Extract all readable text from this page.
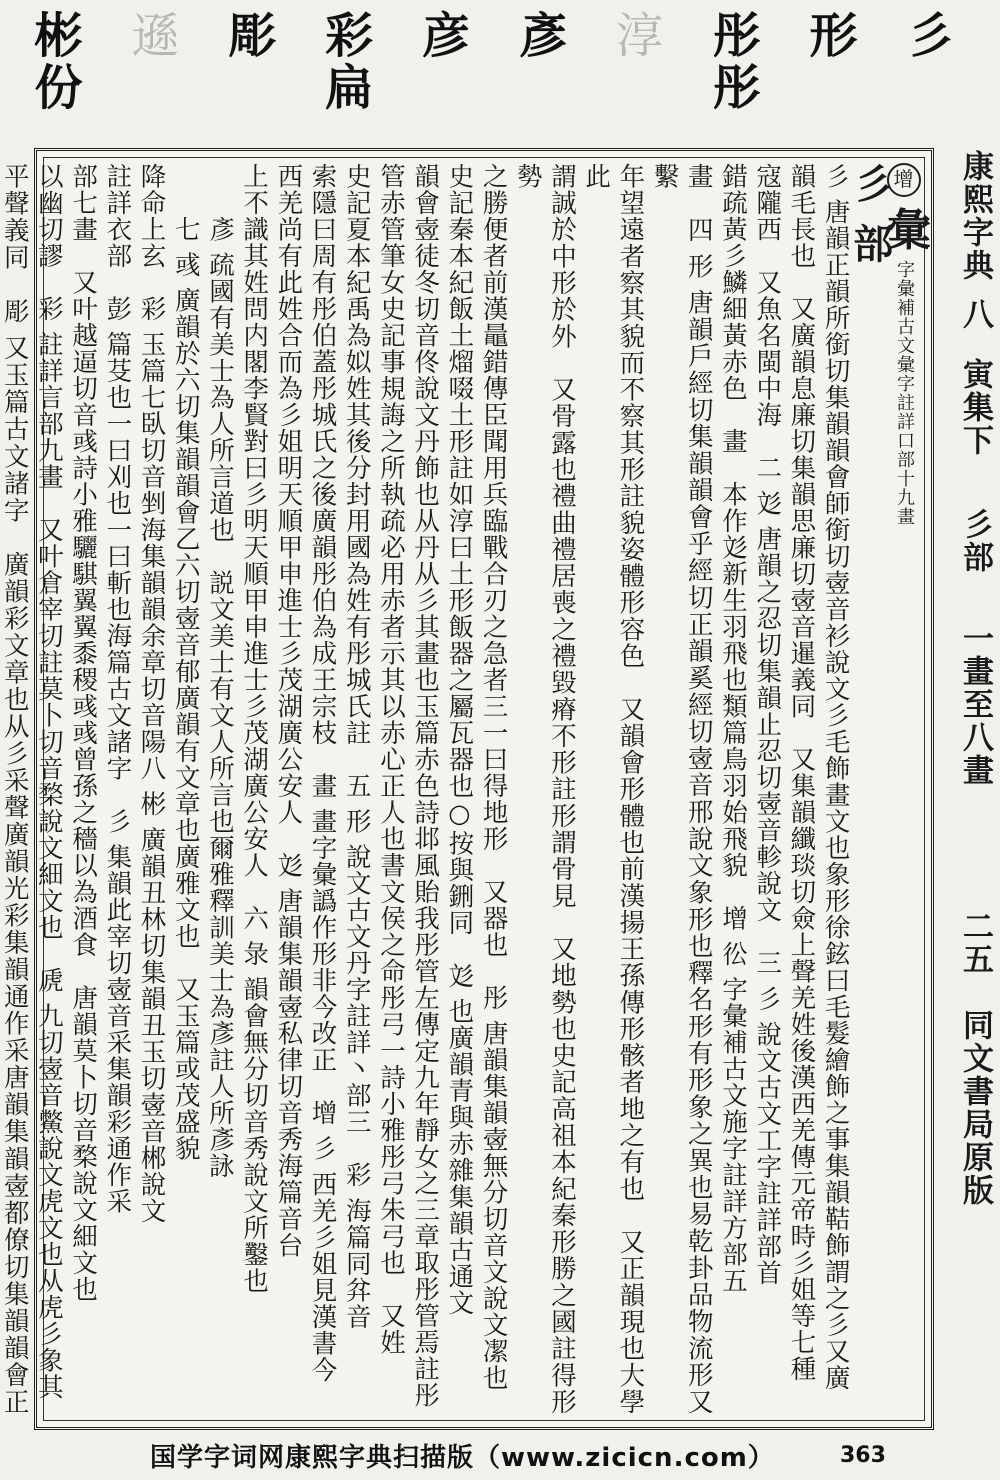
彡
形
彤彤
淳
彥
彦
彩扁
彫
遜
彬份
康熙字典八 寅集下 彡部 一畫至八畫 二五 同文書局原版
增 彙 字彙補古文彙字註詳口部十九畫
彡部
彡 唐韻正韻所銜切集韻韻會師銜切㚃音衫說文彡毛飾畫文也象形徐鉉曰毛髮繪飾之事集韻鞊飾謂之彡又廣
韻毛長也　又廣韻息廉切集韻思廉切㚃音暹義同　又集韻纖琰切僉上聲羌姓後漢西羌傳元帝時彡姐等七種
寇隴西　又魚名閩中海　二 彣 唐韻之忍切集韻止忍切㚃音軫說文　三 彡 說文古文工字註詳部首
錯疏黃彡鱗細黃赤色　畫　本作彣新生羽飛也類篇鳥羽始飛貌　增 彸 字彙補古文施字註詳方部五
畫　四 形 唐韻戶經切集韻韻會乎經切正韻奚經切㚃音邢說文象形也釋名形有形象之異也易乾卦品物流形又繫
年望遠者察其貌而不察其形註貌姿體形容色　又韻會形體也前漢揚王孫傳形骸者地之有也　又正韻現也大學此
謂誠於中形於外　又骨露也禮曲禮居喪之禮毀瘠不形註形謂骨見　又地勢也史記高祖本紀秦形勝之國註得形勢
之勝便者前漢鼂錯傳臣聞用兵臨戰合刃之急者三一曰得地形　又器也　彤 唐韻集韻㚃無分切音文說文㓗也
史記秦本紀飯土熘啜土形註如淳曰土形飯器之屬瓦器也○按與鉶同　彣 也廣韻青與赤雜集韻古通文
韻會㚃徒冬切音佟說文丹飾也从丹从彡其畫也玉篇赤色詩邶風貽我彤管左傳定九年靜女之三章取彤管焉註彤
管赤管筆女史記事規誨之所執疏必用赤者示其以赤心正人也書文侯之命彤弓一詩小雅彤弓朱弓也　又姓
史記夏本紀禹為姒姓其後分封用國為姓有彤城氏註　五 形 說文古文丹字註詳丶部三　彩 海篇同弅音
索隱曰周有彤伯蓋彤城氏之後廣韻彤伯為成王宗枝　畫 畫字彙譌作形非今改正　增 彡 西羌彡姐見漢書今
西羌尚有此姓合而為彡姐明天順甲申進士彡茂湖廣公安人　彣 唐韻集韻㚃私律切音秀海篇音台
上不識其姓問内閣李賢對曰彡明天順甲申進士彡茂湖廣公安人　六 彔 韻會無分切音秀說文所鑿也
　　彥 疏國有美士為人所言道也　説文美士有文人所言也爾雅釋訓美士為彥註人所彥詠
　　七 彧 廣韻於六切集韻韻會乙六切㚃音郁廣韻有文章也廣雅文也　又玉篇或茂盛貌
降命上玄　彩 玉篇七臥切音剉海集韻韻余章切音陽八 彬 廣韻丑林切集韻丑玉切㚃音郴說文
註詳衣部　彭 篇芟也一曰刈也一曰斬也海篇古文諸字　彡 集韻此宰切㚃音采集韻彩通作采
部七畫　又叶越逼切音彧詩小雅驪騏翼翼黍稷彧彧曾孫之穡以為酒食　唐韻莫卜切音楘說文細文也
以幽切謬　彩 註詳言部九畫　又叶倉宰切註莫卜切音楘說文細文也　虒 九切㚃音鱉說文虎文也从虎彡象其
平聲義同　彫 又玉篇古文諸字　廣韻彩文章也从彡采聲廣韻光彩集韻通作采唐韻集韻㚃都僚切集韻韻會正
国学字词网康熙字典扫描版（www.zicicn.com）	363
